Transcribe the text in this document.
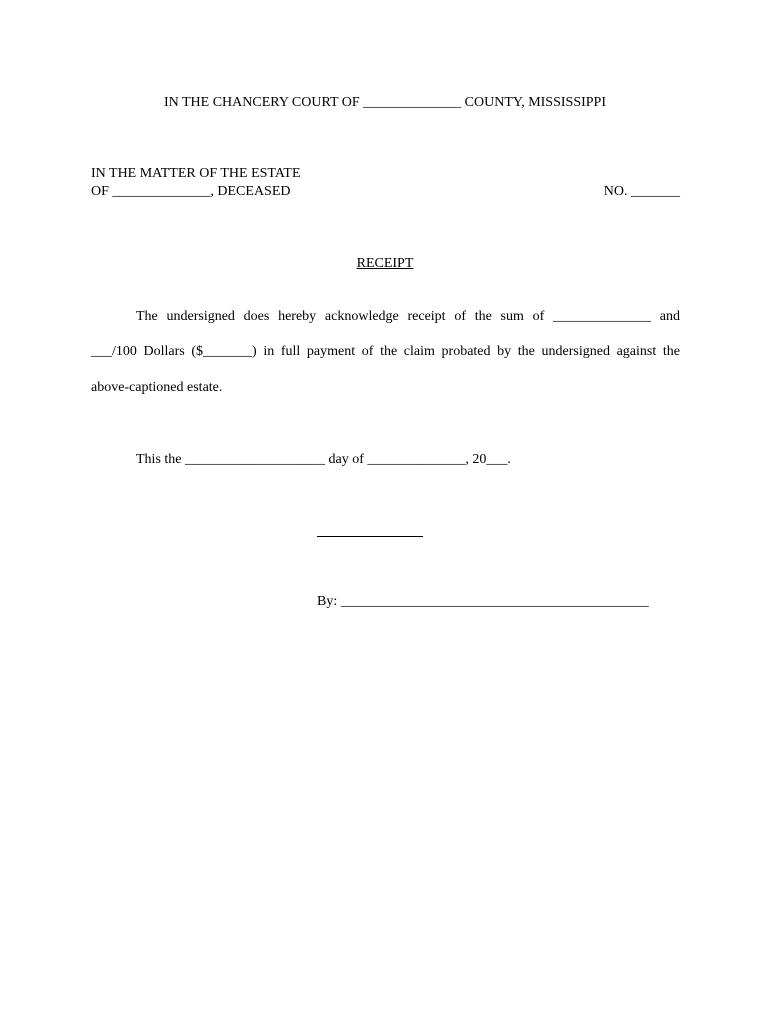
IN THE CHANCERY COURT OF ______________ COUNTY, MISSISSIPPI
IN THE MATTER OF THE ESTATE
OF ______________, DECEASED	NO. _______
RECEIPT
The undersigned does hereby acknowledge receipt of the sum of ______________ and
___/100 Dollars ($_______) in full payment of the claim probated by the undersigned against the
above-captioned estate.
This the ____________________ day of ______________, 20___.
By: ____________________________________________
